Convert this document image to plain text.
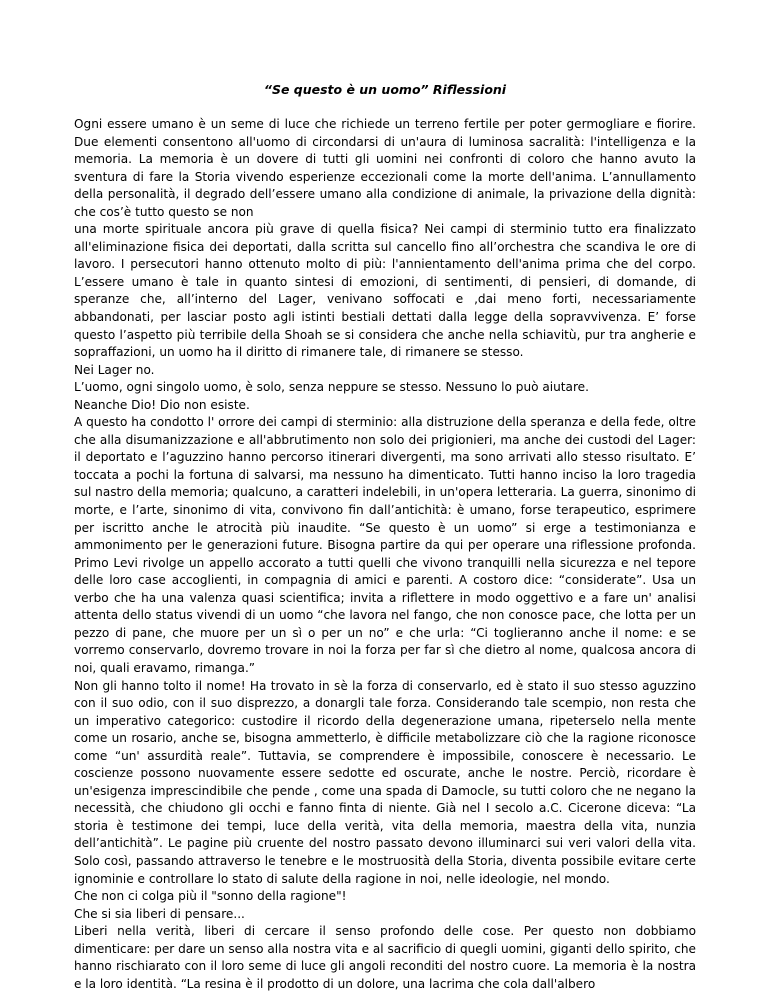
“Se questo è un uomo” Riflessioni

Ogni essere umano è un seme di luce che richiede un terreno fertile per poter germogliare e fiorire. Due elementi consentono all'uomo di circondarsi di un'aura di luminosa sacralità: l'intelligenza e la memoria. La memoria è un dovere di tutti gli uomini nei confronti di coloro che hanno avuto la sventura di fare la Storia vivendo esperienze eccezionali come la morte dell'anima. L’annullamento della personalità, il degrado dell’essere umano alla condizione di animale, la privazione della dignità: che cos’è tutto questo se non

una morte spirituale ancora più grave di quella fisica? Nei campi di sterminio tutto era finalizzato all'eliminazione fisica dei deportati, dalla scritta sul cancello fino all’orchestra che scandiva le ore di lavoro. I persecutori hanno ottenuto molto di più: l'annientamento dell'anima prima che del corpo. L’essere umano è tale in quanto sintesi di emozioni, di sentimenti, di pensieri, di domande, di speranze che, all’interno del Lager, venivano soffocati e ,dai meno forti, necessariamente abbandonati, per lasciar posto agli istinti bestiali dettati dalla legge della sopravvivenza. E’ forse questo l’aspetto più terribile della Shoah se si considera che anche nella schiavitù, pur tra angherie e sopraffazioni, un uomo ha il diritto di rimanere tale, di rimanere se stesso.

Nei Lager no.

L’uomo, ogni singolo uomo, è solo, senza neppure se stesso. Nessuno lo può aiutare.

Neanche Dio! Dio non esiste.

A questo ha condotto l' orrore dei campi di sterminio: alla distruzione della speranza e della fede, oltre che alla disumanizzazione e all'abbrutimento non solo dei prigionieri, ma anche dei custodi del Lager: il deportato e l’aguzzino hanno percorso itinerari divergenti, ma sono arrivati allo stesso risultato. E’ toccata a pochi la fortuna di salvarsi, ma nessuno ha dimenticato. Tutti hanno inciso la loro tragedia sul nastro della memoria; qualcuno, a caratteri indelebili, in un'opera letteraria. La guerra, sinonimo di morte, e l’arte, sinonimo di vita, convivono fin dall’antichità: è umano, forse terapeutico, esprimere per iscritto anche le atrocità più inaudite. “Se questo è un uomo” si erge a testimonianza e ammonimento per le generazioni future. Bisogna partire da qui per operare una riflessione profonda. Primo Levi rivolge un appello accorato a tutti quelli che vivono tranquilli nella sicurezza e nel tepore delle loro case accoglienti, in compagnia di amici e parenti. A costoro dice: “considerate”. Usa un verbo che ha una valenza quasi scientifica; invita a riflettere in modo oggettivo e a fare un' analisi attenta dello status vivendi di un uomo “che lavora nel fango, che non conosce pace, che lotta per un pezzo di pane, che muore per un sì o per un no” e che urla: “Ci toglieranno anche il nome: e se vorremo conservarlo, dovremo trovare in noi la forza per far sì che dietro al nome, qualcosa ancora di noi, quali eravamo, rimanga.”

Non gli hanno tolto il nome! Ha trovato in sè la forza di conservarlo, ed è stato il suo stesso aguzzino con il suo odio, con il suo disprezzo, a donargli tale forza. Considerando tale scempio, non resta che un imperativo categorico: custodire il ricordo della degenerazione umana, ripeterselo nella mente come un rosario, anche se, bisogna ammetterlo, è difficile metabolizzare ciò che la ragione riconosce come “un' assurdità reale”. Tuttavia, se comprendere è impossibile, conoscere è necessario. Le coscienze possono nuovamente essere sedotte ed oscurate, anche le nostre. Perciò, ricordare è un'esigenza imprescindibile che pende , come una spada di Damocle, su tutti coloro che ne negano la necessità, che chiudono gli occhi e fanno finta di niente. Già nel I secolo a.C. Cicerone diceva: “La storia è testimone dei tempi, luce della verità, vita della memoria, maestra della vita, nunzia dell’antichità”. Le pagine più cruente del nostro passato devono illuminarci sui veri valori della vita. Solo così, passando attraverso le tenebre e le mostruosità della Storia, diventa possibile evitare certe ignominie e controllare lo stato di salute della ragione in noi, nelle ideologie, nel mondo.

Che non ci colga più il "sonno della ragione"!

Che si sia liberi di pensare...

Liberi nella verità, liberi di cercare il senso profondo delle cose. Per questo non dobbiamo dimenticare: per dare un senso alla nostra vita e al sacrificio di quegli uomini, giganti dello spirito, che hanno rischiarato con il loro seme di luce gli angoli reconditi del nostro cuore. La memoria è la nostra e la loro identità. “La resina è il prodotto di un dolore, una lacrima che cola dall'albero
